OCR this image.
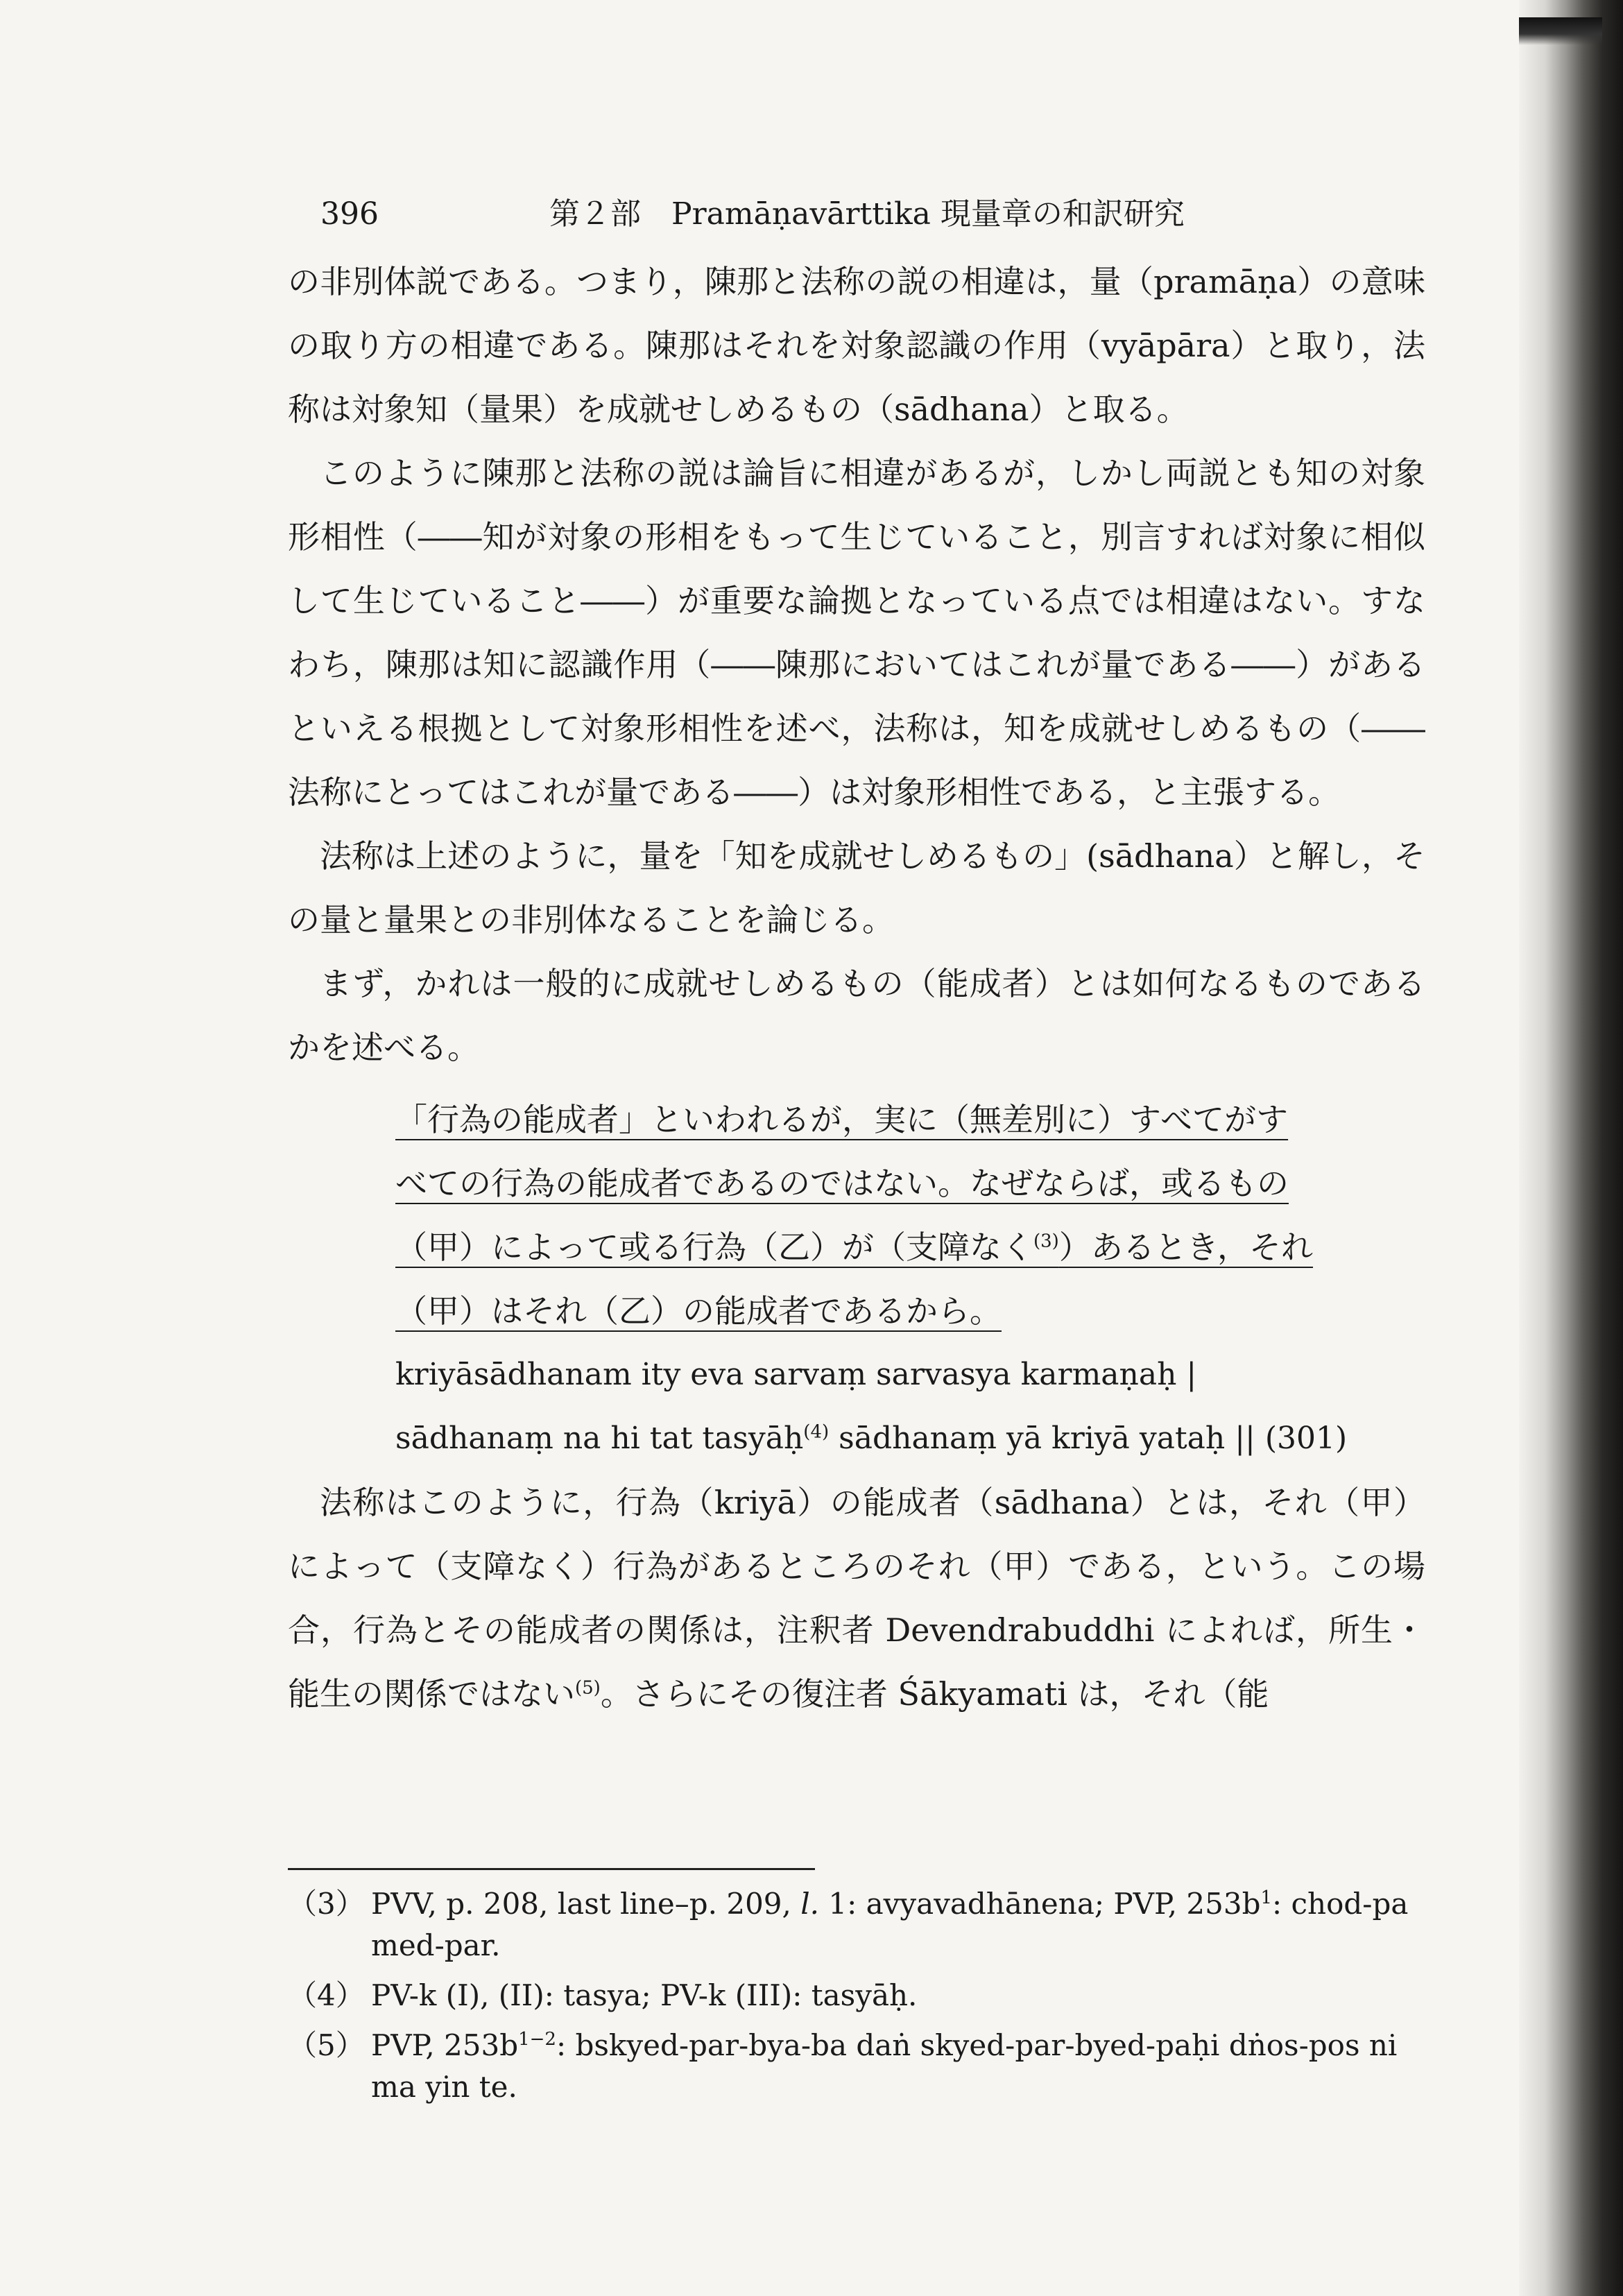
396	第２部　Pramāṇavārttika 現量章の和訳研究

の非別体説である。つまり，陳那と法称の説の相違は，量（pramāṇa）の意味の取り方の相違である。陳那はそれを対象認識の作用（vyāpāra）と取り，法称は対象知（量果）を成就せしめるもの（sādhana）と取る。

このように陳那と法称の説は論旨に相違があるが，しかし両説とも知の対象形相性（――知が対象の形相をもって生じていること，別言すれば対象に相似して生じていること――）が重要な論拠となっている点では相違はない。すなわち，陳那は知に認識作用（――陳那においてはこれが量である――）があるといえる根拠として対象形相性を述べ，法称は，知を成就せしめるもの（――法称にとってはこれが量である――）は対象形相性である，と主張する。

法称は上述のように，量を「知を成就せしめるもの」(sādhana）と解し，その量と量果との非別体なることを論じる。

まず，かれは一般的に成就せしめるもの（能成者）とは如何なるものであるかを述べる。

「行為の能成者」といわれるが，実に（無差別に）すべてがす
べての行為の能成者であるのではない。なぜならば，或るもの
（甲）によって或る行為（乙）が（支障なく$^{(3)}$）あるとき，それ
（甲）はそれ（乙）の能成者であるから。
kriyāsādhanam ity eva sarvaṃ sarvasya karmaṇaḥ |
sādhanaṃ na hi tat tasyāḥ$^{(4)}$ sādhanaṃ yā kriyā yataḥ || (301)

法称はこのように，行為（kriyā）の能成者（sādhana）とは，それ（甲）によって（支障なく）行為があるところのそれ（甲）である，という。この場合，行為とその能成者の関係は，注釈者 Devendrabuddhi によれば，所生・能生の関係ではない$^{(5)}$。さらにその復注者 Śākyamati は，それ（能

（3） PVV, p. 208, last line–p. 209, l. 1: avyavadhānena; PVP, $253b^1$: chod-pa med-par.

（4） PV-k (I), (II): tasya; PV-k (III): tasyāḥ.

（5） PVP, $253b^{1-2}$: bskyed-par-bya-ba daṅ skyed-par-byed-paḥi dṅos-pos ni ma yin te.
